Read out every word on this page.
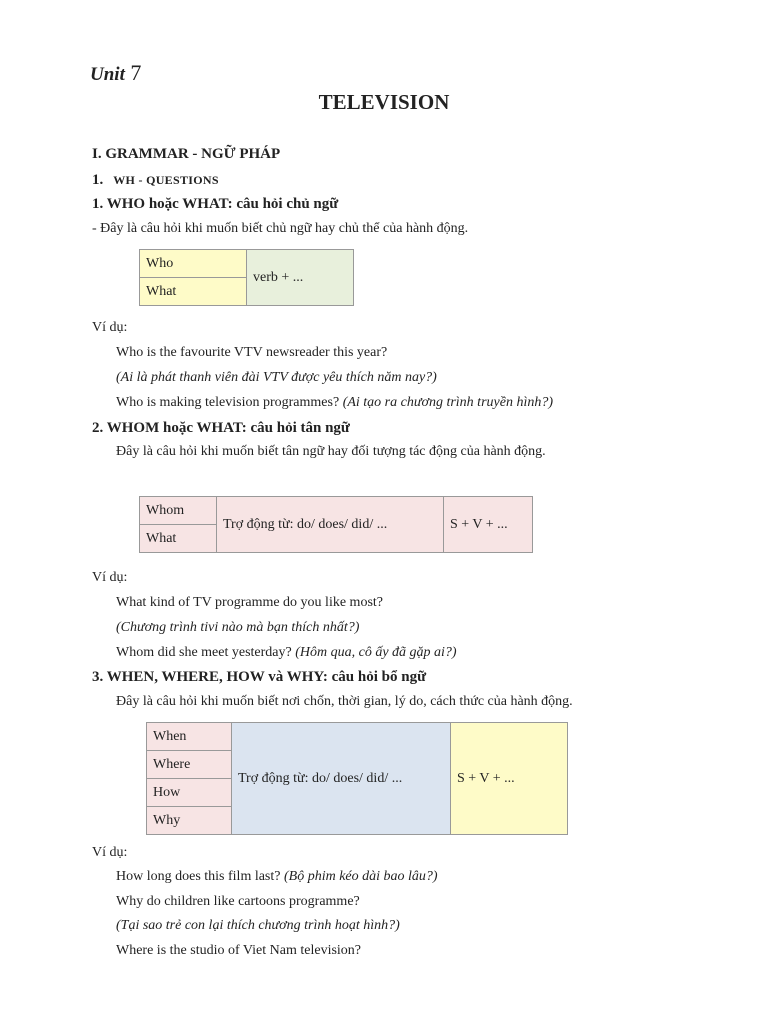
Unit 7
TELEVISION
I. GRAMMAR - NGỮ PHÁP
1. WH - QUESTIONS
1. WHO hoặc WHAT: câu hỏi chủ ngữ
- Đây là câu hỏi khi muốn biết chủ ngữ hay chủ thể của hành động.
Who	verb + ...
What
Ví dụ:
Who is the favourite VTV newsreader this year?
(Ai là phát thanh viên đài VTV được yêu thích năm nay?)
Who is making television programmes? (Ai tạo ra chương trình truyền hình?)
2. WHOM hoặc WHAT: câu hỏi tân ngữ
Đây là câu hỏi khi muốn biết tân ngữ hay đối tượng tác động của hành động.
Whom	Trợ động từ: do/ does/ did/ ...	S + V + ...
What
Ví dụ:
What kind of TV programme do you like most?
(Chương trình tivi nào mà bạn thích nhất?)
Whom did she meet yesterday? (Hôm qua, cô ấy đã gặp ai?)
3. WHEN, WHERE, HOW và WHY: câu hỏi bổ ngữ
Đây là câu hỏi khi muốn biết nơi chốn, thời gian, lý do, cách thức của hành động.
When	Trợ động từ: do/ does/ did/ ...	S + V + ...
Where
How
Why
Ví dụ:
How long does this film last? (Bộ phim kéo dài bao lâu?)
Why do children like cartoons programme?
(Tại sao trẻ con lại thích chương trình hoạt hình?)
Where is the studio of Viet Nam television?
